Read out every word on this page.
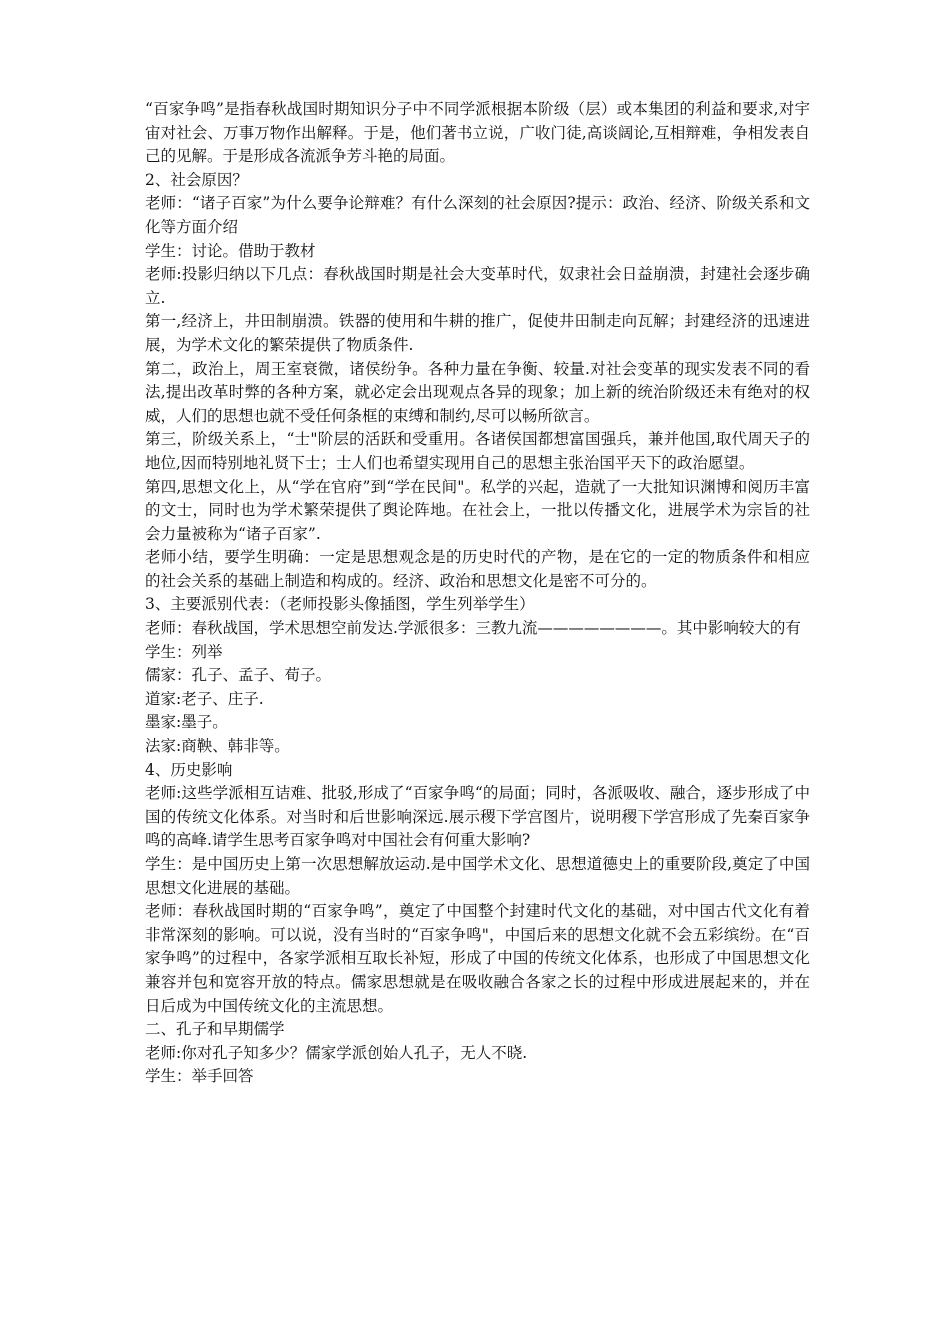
“百家争鸣”是指春秋战国时期知识分子中不同学派根据本阶级（层）或本集团的利益和要求,对宇宙对社会、万事万物作出解释。于是，他们著书立说，广收门徒,高谈阔论,互相辩难，争相发表自己的见解。于是形成各流派争芳斗艳的局面。

2、社会原因？

老师：“诸子百家”为什么要争论辩难？有什么深刻的社会原因?提示：政治、经济、阶级关系和文化等方面介绍

学生：讨论。借助于教材

老师:投影归纳以下几点：春秋战国时期是社会大变革时代，奴隶社会日益崩溃，封建社会逐步确立.

第一,经济上，井田制崩溃。铁器的使用和牛耕的推广，促使井田制走向瓦解；封建经济的迅速进展，为学术文化的繁荣提供了物质条件.

第二，政治上，周王室衰微，诸侯纷争。各种力量在争衡、较量.对社会变革的现实发表不同的看法,提出改革时弊的各种方案，就必定会出现观点各异的现象；加上新的统治阶级还未有绝对的权威，人们的思想也就不受任何条框的束缚和制约,尽可以畅所欲言。

第三，阶级关系上，“士"阶层的活跃和受重用。各诸侯国都想富国强兵，兼并他国,取代周天子的地位,因而特别地礼贤下士；士人们也希望实现用自己的思想主张治国平天下的政治愿望。

第四,思想文化上，从“学在官府”到“学在民间"。私学的兴起，造就了一大批知识渊博和阅历丰富的文士，同时也为学术繁荣提供了舆论阵地。在社会上，一批以传播文化，进展学术为宗旨的社会力量被称为“诸子百家”.

老师小结，要学生明确：一定是思想观念是的历史时代的产物，是在它的一定的物质条件和相应的社会关系的基础上制造和构成的。经济、政治和思想文化是密不可分的。

3、主要派别代表：（老师投影头像插图，学生列举学生）

老师：春秋战国，学术思想空前发达.学派很多：三教九流————————。其中影响较大的有

学生：列举

儒家：孔子、孟子、荀子。

道家:老子、庄子.

墨家:墨子。

法家:商鞅、韩非等。

4、历史影响

老师:这些学派相互诘难、批驳,形成了“百家争鸣“的局面；同时，各派吸收、融合，逐步形成了中国的传统文化体系。对当时和后世影响深远.展示稷下学宫图片，说明稷下学宫形成了先秦百家争鸣的高峰.请学生思考百家争鸣对中国社会有何重大影响?

学生：是中国历史上第一次思想解放运动.是中国学术文化、思想道德史上的重要阶段,奠定了中国思想文化进展的基础。

老师：春秋战国时期的“百家争鸣”，奠定了中国整个封建时代文化的基础，对中国古代文化有着非常深刻的影响。可以说，没有当时的“百家争鸣"，中国后来的思想文化就不会五彩缤纷。在“百家争鸣”的过程中，各家学派相互取长补短，形成了中国的传统文化体系，也形成了中国思想文化兼容并包和宽容开放的特点。儒家思想就是在吸收融合各家之长的过程中形成进展起来的，并在日后成为中国传统文化的主流思想。

二、孔子和早期儒学

老师:你对孔子知多少？儒家学派创始人孔子，无人不晓.

学生：举手回答
